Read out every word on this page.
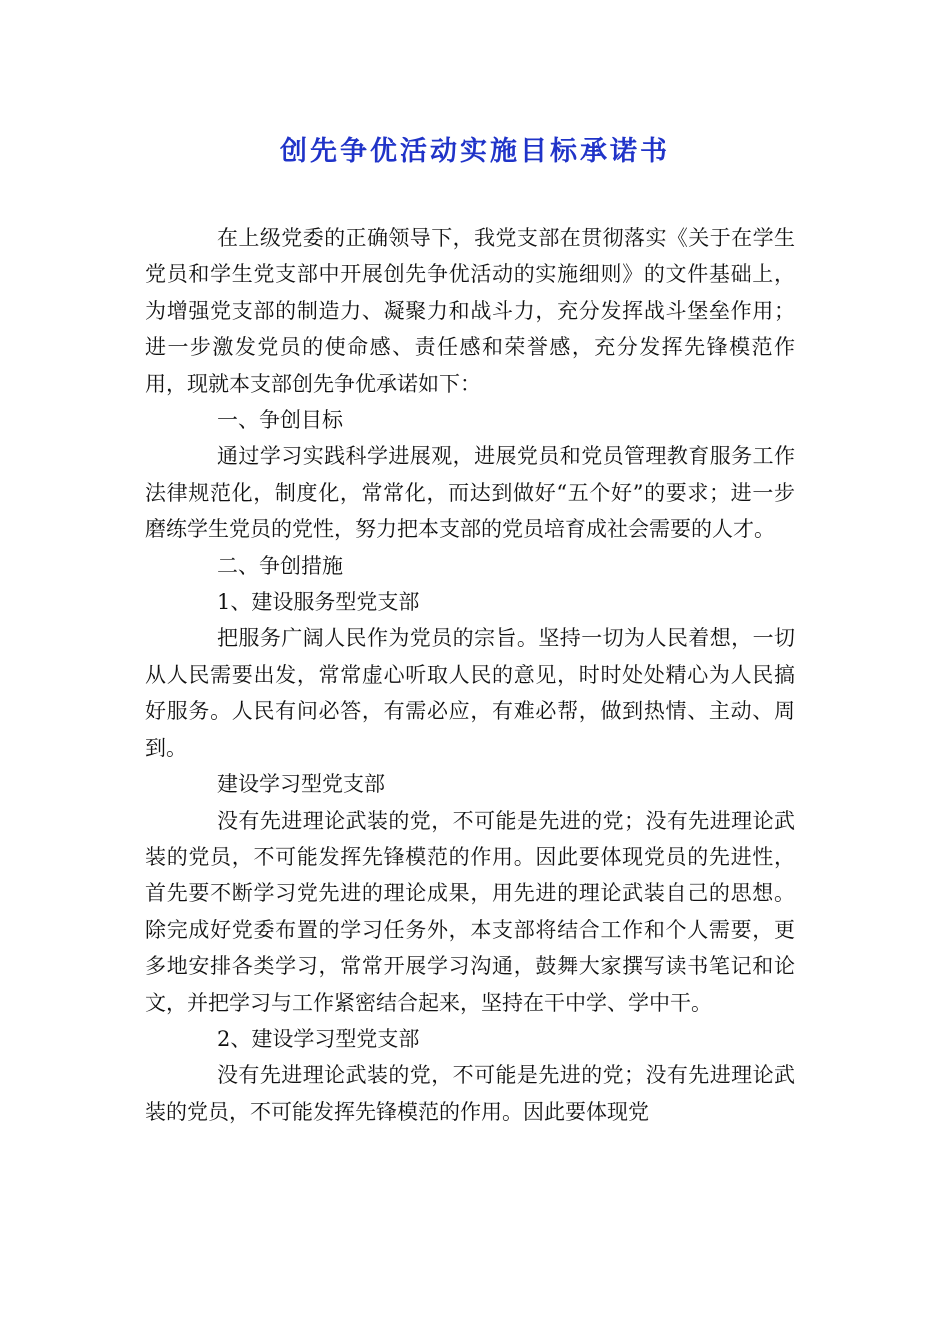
创先争优活动实施目标承诺书

在上级党委的正确领导下，我党支部在贯彻落实《关于在学生党员和学生党支部中开展创先争优活动的实施细则》的文件基础上，为增强党支部的制造力、凝聚力和战斗力，充分发挥战斗堡垒作用；进一步激发党员的使命感、责任感和荣誉感，充分发挥先锋模范作用，现就本支部创先争优承诺如下：

一、争创目标

通过学习实践科学进展观，进展党员和党员管理教育服务工作法律规范化，制度化，常常化，而达到做好“五个好”的要求；进一步磨练学生党员的党性，努力把本支部的党员培育成社会需要的人才。

二、争创措施

1、建设服务型党支部

把服务广阔人民作为党员的宗旨。坚持一切为人民着想，一切从人民需要出发，常常虚心听取人民的意见，时时处处精心为人民搞好服务。人民有问必答，有需必应，有难必帮，做到热情、主动、周到。

建设学习型党支部

没有先进理论武装的党，不可能是先进的党；没有先进理论武装的党员，不可能发挥先锋模范的作用。因此要体现党员的先进性，首先要不断学习党先进的理论成果，用先进的理论武装自己的思想。除完成好党委布置的学习任务外，本支部将结合工作和个人需要，更多地安排各类学习，常常开展学习沟通，鼓舞大家撰写读书笔记和论文，并把学习与工作紧密结合起来，坚持在干中学、学中干。

2、建设学习型党支部

没有先进理论武装的党，不可能是先进的党；没有先进理论武装的党员，不可能发挥先锋模范的作用。因此要体现党
